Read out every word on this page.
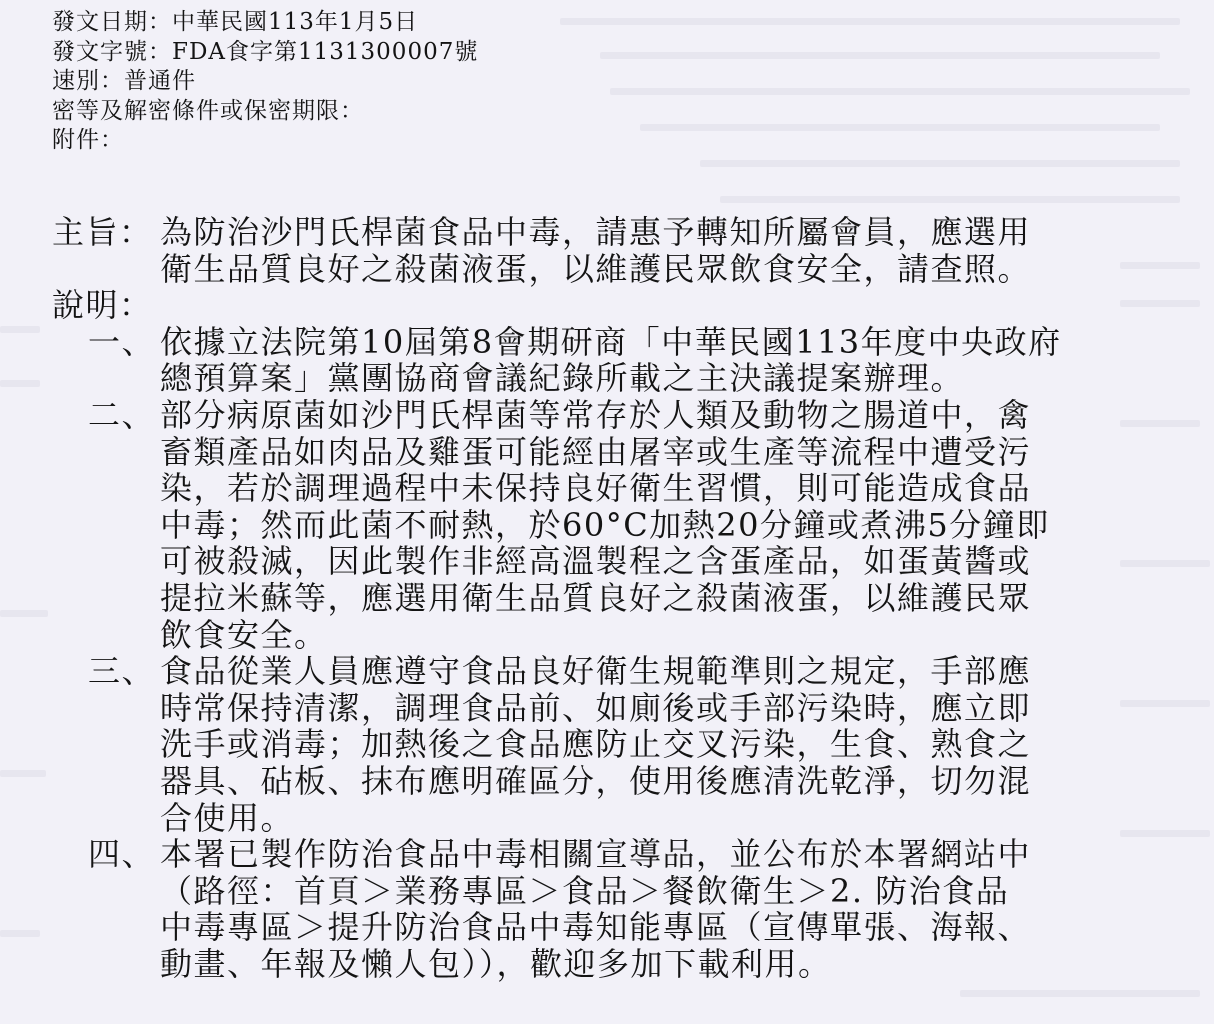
發文日期：中華民國113年1月5日
發文字號：FDA食字第1131300007號
速別：普通件
密等及解密條件或保密期限：
附件：
主旨： 為防治沙門氏桿菌食品中毒，請惠予轉知所屬會員，應選用
衛生品質良好之殺菌液蛋，以維護民眾飲食安全，請查照。
說明：
一、 依據立法院第10屆第8會期研商「中華民國113年度中央政府
總預算案」黨團協商會議紀錄所載之主決議提案辦理。
二、 部分病原菌如沙門氏桿菌等常存於人類及動物之腸道中，禽
畜類產品如肉品及雞蛋可能經由屠宰或生產等流程中遭受污
染，若於調理過程中未保持良好衛生習慣，則可能造成食品
中毒；然而此菌不耐熱，於60°C加熱20分鐘或煮沸5分鐘即
可被殺滅，因此製作非經高溫製程之含蛋產品，如蛋黃醬或
提拉米蘇等，應選用衛生品質良好之殺菌液蛋，以維護民眾
飲食安全。
三、 食品從業人員應遵守食品良好衛生規範準則之規定，手部應
時常保持清潔，調理食品前、如廁後或手部污染時，應立即
洗手或消毒；加熱後之食品應防止交叉污染，生食、熟食之
器具、砧板、抹布應明確區分，使用後應清洗乾淨，切勿混
合使用。
四、 本署已製作防治食品中毒相關宣導品，並公布於本署網站中
（路徑：首頁＞業務專區＞食品＞餐飲衛生＞2. 防治食品
中毒專區＞提升防治食品中毒知能專區（宣傳單張、海報、
動畫、年報及懶人包）），歡迎多加下載利用。
